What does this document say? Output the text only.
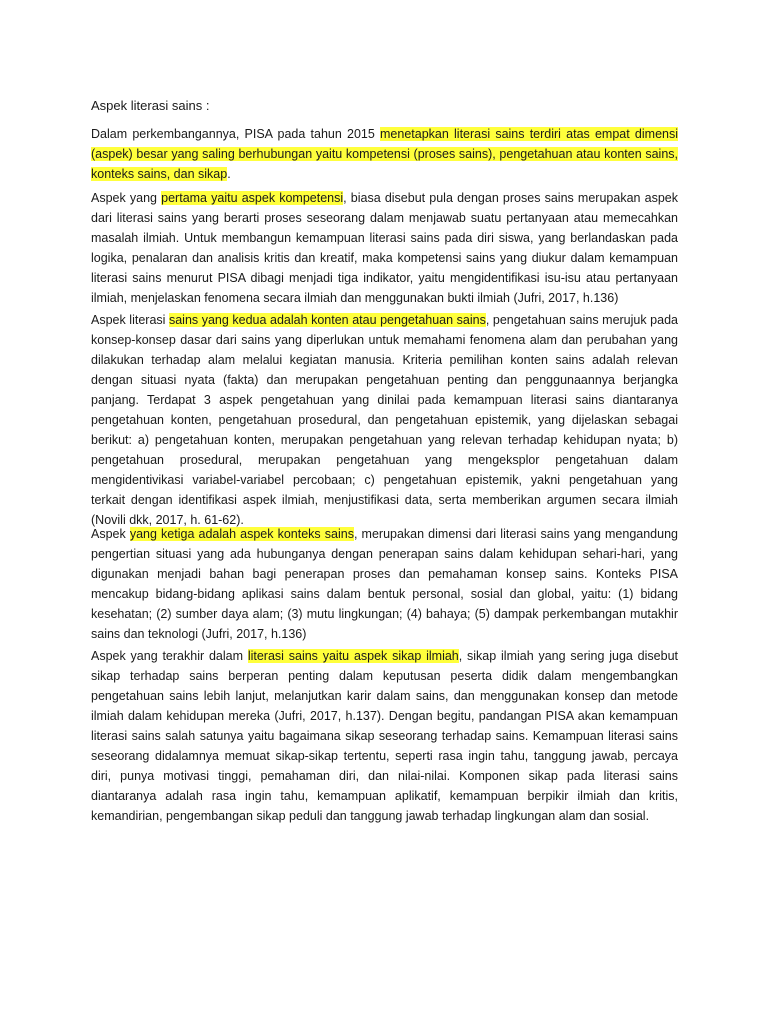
Aspek literasi sains :
Dalam perkembangannya, PISA pada tahun 2015 menetapkan literasi sains terdiri atas empat dimensi
(aspek) besar yang saling berhubungan yaitu kompetensi (proses sains), pengetahuan atau konten sains,
konteks sains, dan sikap.
Aspek yang pertama yaitu aspek kompetensi, biasa disebut pula dengan proses sains merupakan aspek
dari literasi sains yang berarti proses seseorang dalam menjawab suatu pertanyaan atau memecahkan
masalah ilmiah. Untuk membangun kemampuan literasi sains pada diri siswa, yang berlandaskan pada
logika, penalaran dan analisis kritis dan kreatif, maka kompetensi sains yang diukur dalam kemampuan
literasi sains menurut PISA dibagi menjadi tiga indikator, yaitu mengidentifikasi isu-isu atau pertanyaan
ilmiah, menjelaskan fenomena secara ilmiah dan menggunakan bukti ilmiah (Jufri, 2017, h.136)
Aspek literasi sains yang kedua adalah konten atau pengetahuan sains, pengetahuan sains merujuk pada
konsep-konsep dasar dari sains yang diperlukan untuk memahami fenomena alam dan perubahan yang
dilakukan terhadap alam melalui kegiatan manusia. Kriteria pemilihan konten sains adalah relevan
dengan situasi nyata (fakta) dan merupakan pengetahuan penting dan penggunaannya berjangka
panjang. Terdapat 3 aspek pengetahuan yang dinilai pada kemampuan literasi sains diantaranya
pengetahuan konten, pengetahuan prosedural, dan pengetahuan epistemik, yang dijelaskan sebagai
berikut: a) pengetahuan konten, merupakan pengetahuan yang relevan terhadap kehidupan nyata; b)
pengetahuan prosedural, merupakan pengetahuan yang mengeksplor pengetahuan dalam
mengidentivikasi variabel-variabel percobaan; c) pengetahuan epistemik, yakni pengetahuan yang
terkait dengan identifikasi aspek ilmiah, menjustifikasi data, serta memberikan argumen secara ilmiah
(Novili dkk, 2017, h. 61-62).
Aspek yang ketiga adalah aspek konteks sains, merupakan dimensi dari literasi sains yang mengandung
pengertian situasi yang ada hubunganya dengan penerapan sains dalam kehidupan sehari-hari, yang
digunakan menjadi bahan bagi penerapan proses dan pemahaman konsep sains. Konteks PISA
mencakup bidang-bidang aplikasi sains dalam bentuk personal, sosial dan global, yaitu: (1) bidang
kesehatan; (2) sumber daya alam; (3) mutu lingkungan; (4) bahaya; (5) dampak perkembangan mutakhir
sains dan teknologi (Jufri, 2017, h.136)
Aspek yang terakhir dalam literasi sains yaitu aspek sikap ilmiah, sikap ilmiah yang sering juga disebut
sikap terhadap sains berperan penting dalam keputusan peserta didik dalam mengembangkan
pengetahuan sains lebih lanjut, melanjutkan karir dalam sains, dan menggunakan konsep dan metode
ilmiah dalam kehidupan mereka (Jufri, 2017, h.137). Dengan begitu, pandangan PISA akan kemampuan
literasi sains salah satunya yaitu bagaimana sikap seseorang terhadap sains. Kemampuan literasi sains
seseorang didalamnya memuat sikap-sikap tertentu, seperti rasa ingin tahu, tanggung jawab, percaya
diri, punya motivasi tinggi, pemahaman diri, dan nilai-nilai. Komponen sikap pada literasi sains
diantaranya adalah rasa ingin tahu, kemampuan aplikatif, kemampuan berpikir ilmiah dan kritis,
kemandirian, pengembangan sikap peduli dan tanggung jawab terhadap lingkungan alam dan sosial.
